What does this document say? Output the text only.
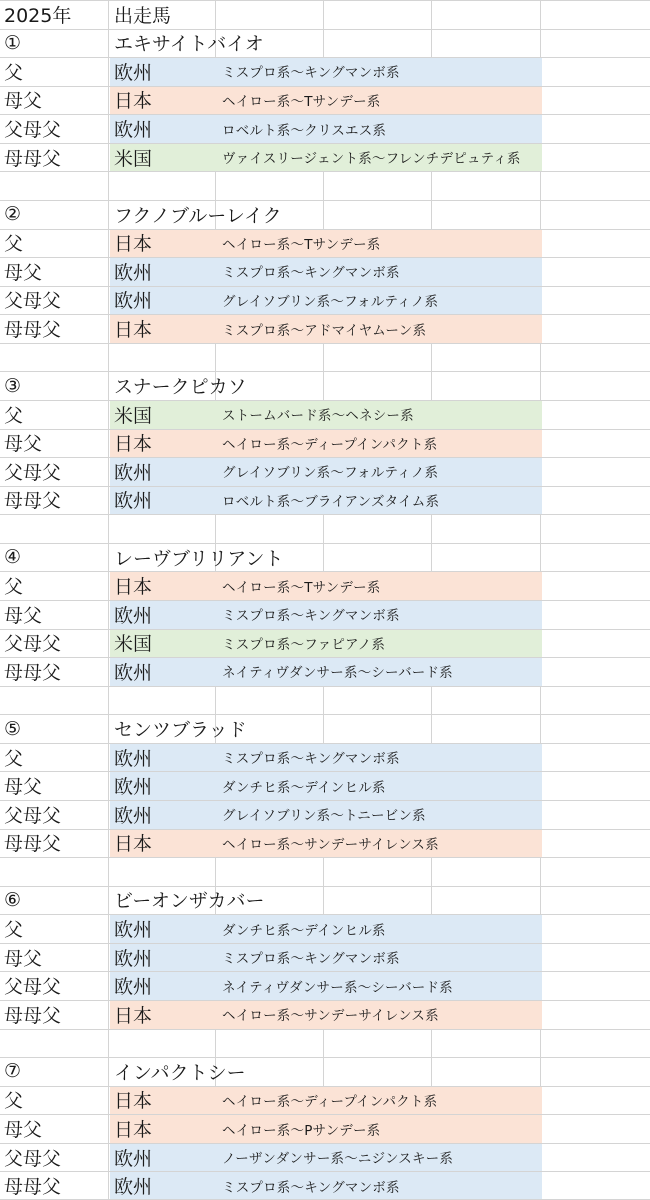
2025年	出走馬
①	エキサイトバイオ
父	欧州	ミスプロ系～キングマンボ系
母父	日本	ヘイロー系～Tサンデー系
父母父	欧州	ロベルト系～クリスエス系
母母父	米国	ヴァイスリージェント系～フレンチデピュティ系
②	フクノブルーレイク
父	日本	ヘイロー系～Tサンデー系
母父	欧州	ミスプロ系～キングマンボ系
父母父	欧州	グレイソブリン系～フォルティノ系
母母父	日本	ミスプロ系～アドマイヤムーン系
③	スナークピカソ
父	米国	ストームバード系～ヘネシー系
母父	日本	ヘイロー系～ディープインパクト系
父母父	欧州	グレイソブリン系～フォルティノ系
母母父	欧州	ロベルト系～ブライアンズタイム系
④	レーヴブリリアント
父	日本	ヘイロー系～Tサンデー系
母父	欧州	ミスプロ系～キングマンボ系
父母父	米国	ミスプロ系～ファピアノ系
母母父	欧州	ネイティヴダンサー系～シーバード系
⑤	センツブラッド
父	欧州	ミスプロ系～キングマンボ系
母父	欧州	ダンチヒ系～デインヒル系
父母父	欧州	グレイソブリン系～トニービン系
母母父	日本	ヘイロー系～サンデーサイレンス系
⑥	ビーオンザカバー
父	欧州	ダンチヒ系～デインヒル系
母父	欧州	ミスプロ系～キングマンボ系
父母父	欧州	ネイティヴダンサー系～シーバード系
母母父	日本	ヘイロー系～サンデーサイレンス系
⑦	インパクトシー
父	日本	ヘイロー系～ディープインパクト系
母父	日本	ヘイロー系～Pサンデー系
父母父	欧州	ノーザンダンサー系～ニジンスキー系
母母父	欧州	ミスプロ系～キングマンボ系
